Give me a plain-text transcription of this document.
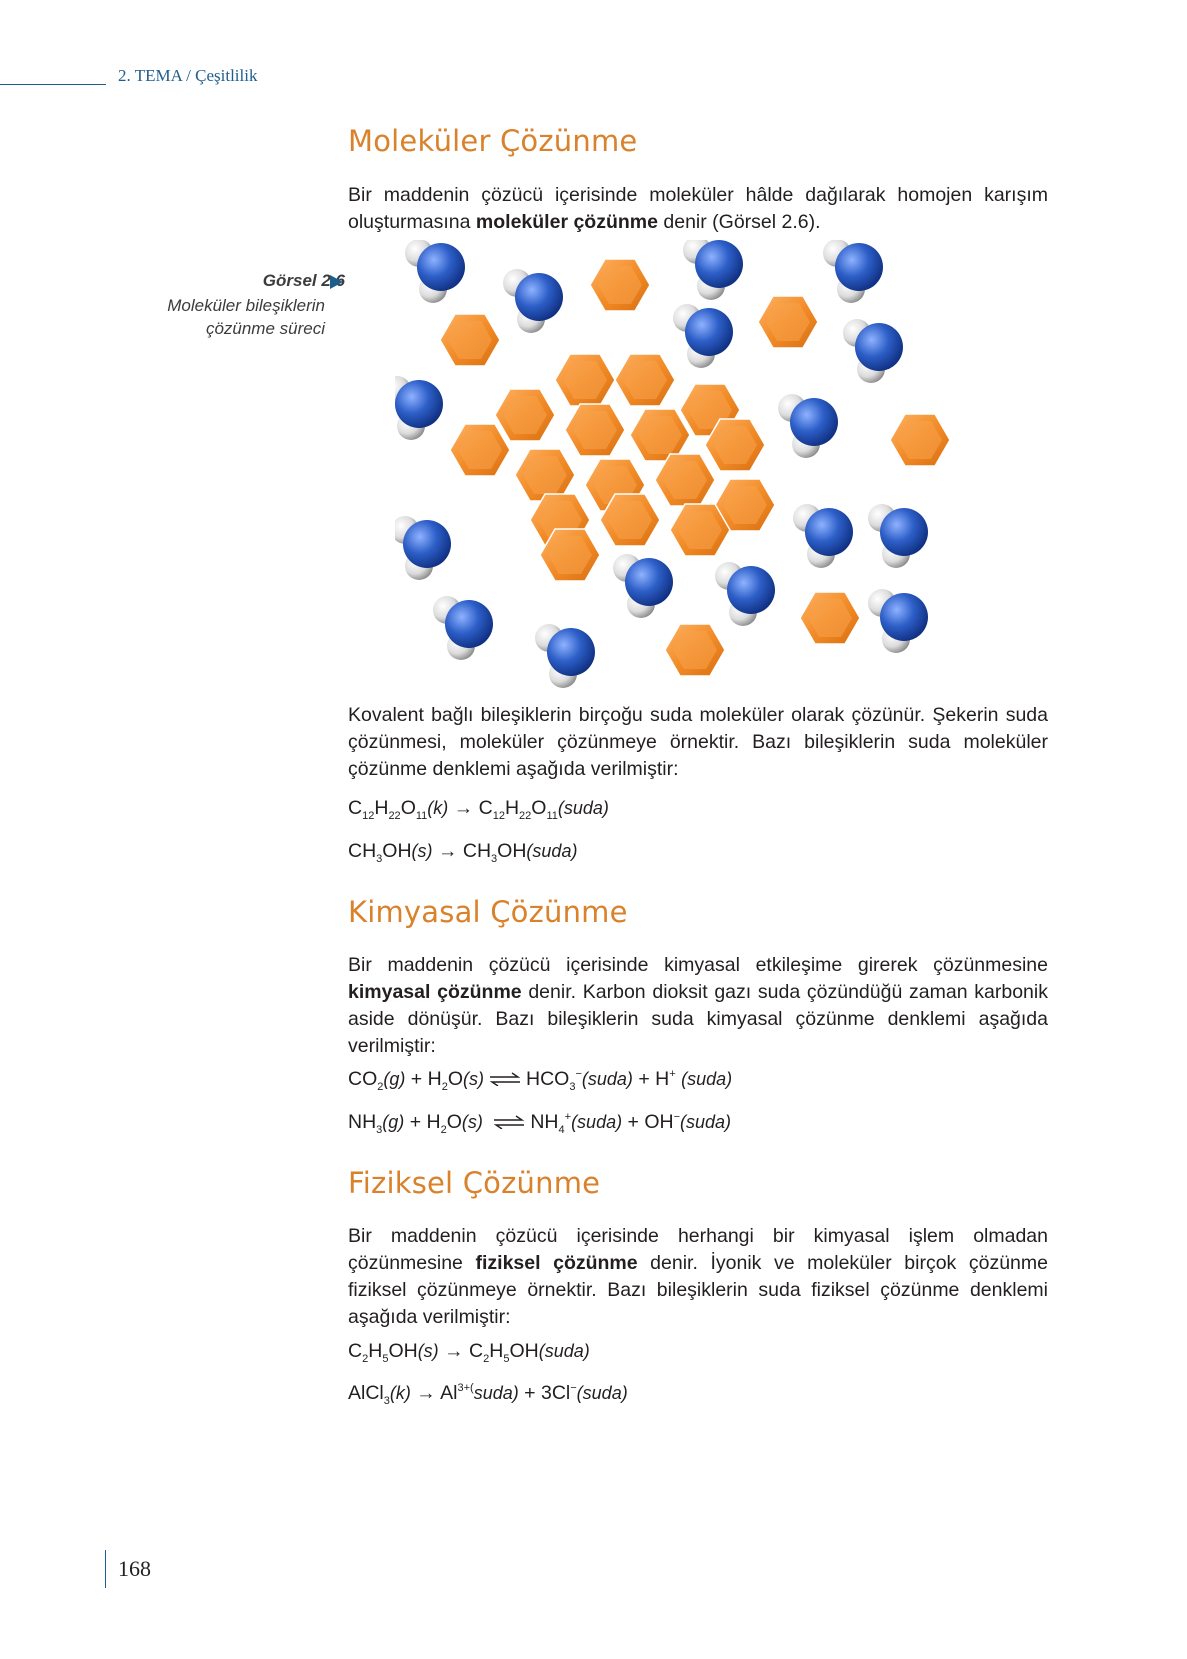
2. TEMA / Çeşitlilik
Moleküler Çözünme

Bir maddenin çözücü içerisinde moleküler hâlde dağılarak homojen karışım oluşturmasına moleküler çözünme denir (Görsel 2.6).

Görsel 2.6
Moleküler bileşiklerin
çözünme süreci

Kovalent bağlı bileşiklerin birçoğu suda moleküler olarak çözünür. Şekerin suda çözünmesi, moleküler çözünmeye örnektir. Bazı bileşiklerin suda moleküler çözünme denklemi aşağıda verilmiştir:

$C_{12}H_{22}O_{11}(k)$ → $C_{12}H_{22}O_{11}(suda)$
$CH_3OH(s)$ → $CH_3OH(suda)$
Kimyasal Çözünme

Bir maddenin çözücü içerisinde kimyasal etkileşime girerek çözünmesine kimyasal çözünme denir. Karbon dioksit gazı suda çözündüğü zaman karbonik aside dönüşür. Bazı bileşiklerin suda kimyasal çözünme denklemi aşağıda verilmiştir:

$CO_2(g) + H_2O(s)$ ⇌ $HCO_3^-(suda) + H^+$ (suda)
$NH_3(g) + H_2O(s)$ ⇌ $NH_4^+(suda)$ + OH−(suda)
Fiziksel Çözünme

Bir maddenin çözücü içerisinde herhangi bir kimyasal işlem olmadan çözünmesine fiziksel çözünme denir. İyonik ve moleküler birçok çözünme fiziksel çözünmeye örnektir. Bazı bileşiklerin suda fiziksel çözünme denklemi aşağıda verilmiştir:

$C_2H_5OH(s)$ → $C_2H_5OH(suda)$
AlCl$_3$(k) → $Al^{3+(}suda$) + 3Cl−(suda)
168
